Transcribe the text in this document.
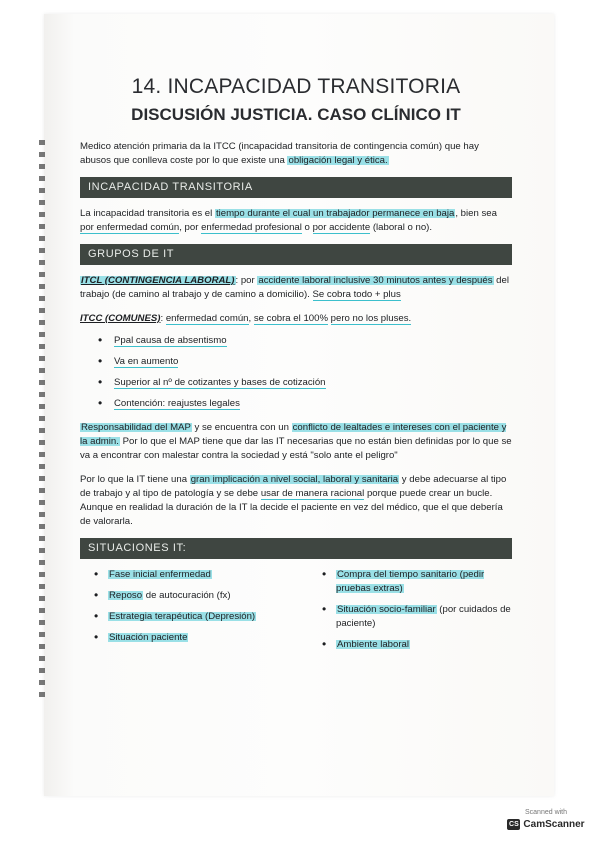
14. INCAPACIDAD TRANSITORIA
DISCUSIÓN JUSTICIA. CASO CLÍNICO IT

Medico atención primaria da la ITCC (incapacidad transitoria de contingencia común) que hay abusos que conlleva coste por lo que existe una obligación legal y ética.

INCAPACIDAD TRANSITORIA

La incapacidad transitoria es el tiempo durante el cual un trabajador permanece en baja, bien sea por enfermedad común, por enfermedad profesional o por accidente (laboral o no).

GRUPOS DE IT

ITCL (CONTINGENCIA LABORAL): por accidente laboral inclusive 30 minutos antes y después del trabajo (de camino al trabajo y de camino a domicilio). Se cobra todo + plus

ITCC (COMUNES): enfermedad común, se cobra el 100% pero no los pluses.

• Ppal causa de absentismo
• Va en aumento
• Superior al nº de cotizantes y bases de cotización
• Contención: reajustes legales

Responsabilidad del MAP y se encuentra con un conflicto de lealtades e intereses con el paciente y la admin. Por lo que el MAP tiene que dar las IT necesarias que no están bien definidas por lo que se va a encontrar con malestar contra la sociedad y está "solo ante el peligro"

Por lo que la IT tiene una gran implicación a nivel social, laboral y sanitaria y debe adecuarse al tipo de trabajo y al tipo de patología y se debe usar de manera racional porque puede crear un bucle. Aunque en realidad la duración de la IT la decide el paciente en vez del médico, que el que debería de valorarla.

SITUACIONES IT:
• Fase inicial enfermedad
• Reposo de autocuración (fx)
• Estrategia terapéutica (Depresión)
• Situación paciente
• Compra del tiempo sanitario (pedir pruebas extras)
• Situación socio-familiar (por cuidados de paciente)
• Ambiente laboral
Scanned with
CS CamScanner
